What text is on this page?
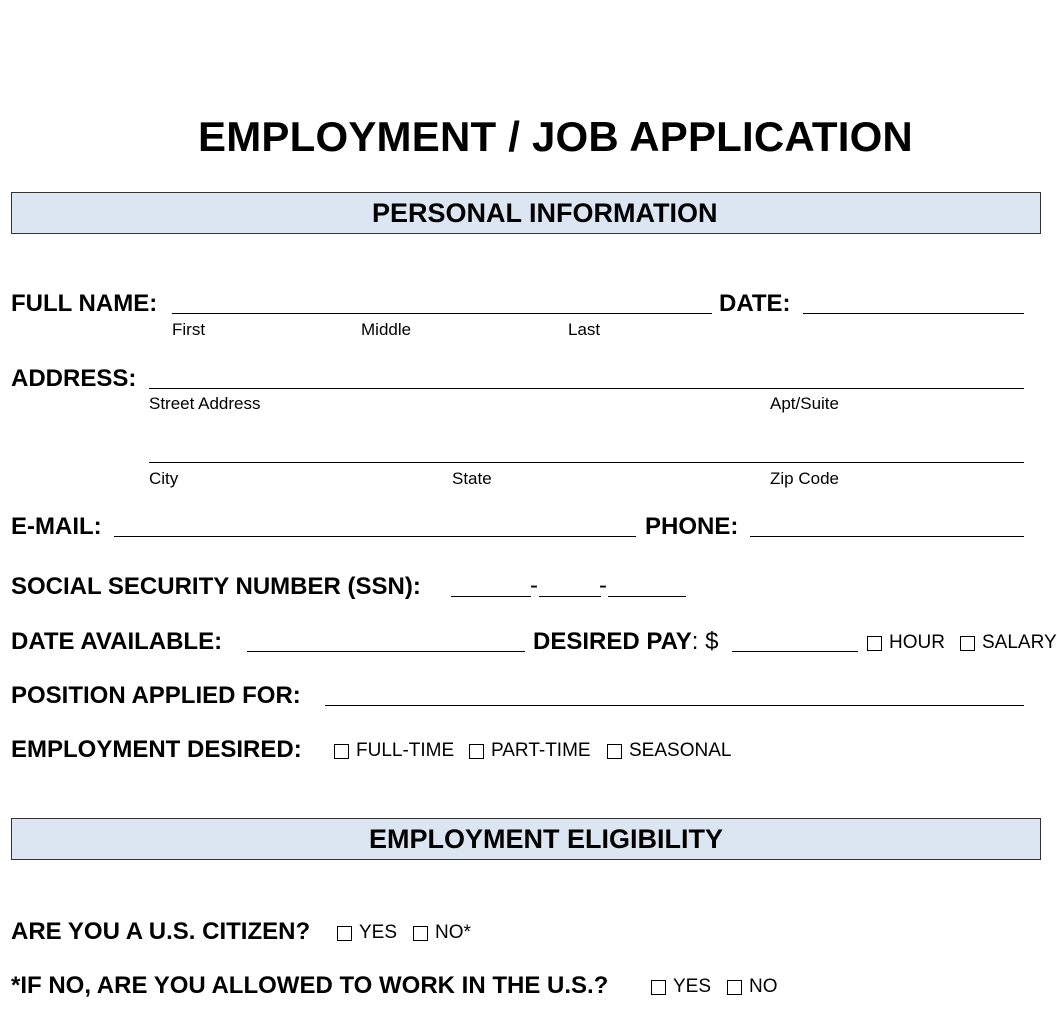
EMPLOYMENT / JOB APPLICATION
PERSONAL INFORMATION
FULL NAME:
First	Middle	Last
DATE:
ADDRESS:
Street Address	Apt/Suite
City	State	Zip Code
E-MAIL:	PHONE:
SOCIAL SECURITY NUMBER (SSN):	-	-
DATE AVAILABLE:	DESIRED PAY: $	HOUR SALARY
POSITION APPLIED FOR:
EMPLOYMENT DESIRED:	FULL-TIME PART-TIME SEASONAL
EMPLOYMENT ELIGIBILITY
ARE YOU A U.S. CITIZEN?	YES NO*
*IF NO, ARE YOU ALLOWED TO WORK IN THE U.S.?	YES NO
